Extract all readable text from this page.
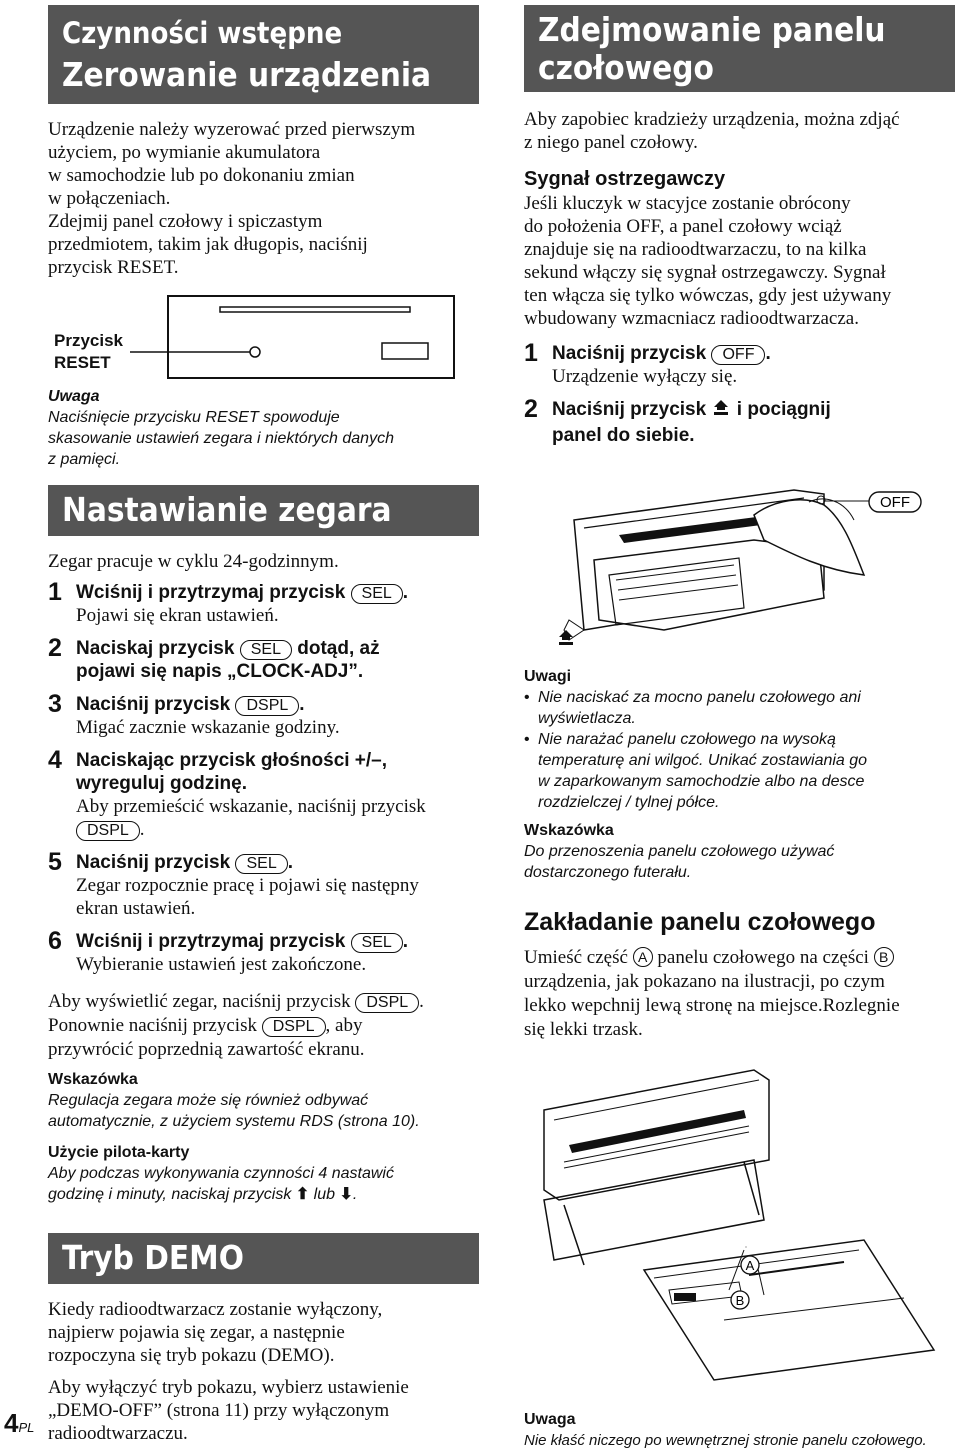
Czynności wstępne
Zerowanie urządzenia
Urządzenie należy wyzerować przed pierwszym
użyciem, po wymianie akumulatora
w samochodzie lub po dokonaniu zmian
w połączeniach.
Zdejmij panel czołowy i spiczastym
przedmiotem, takim jak długopis, naciśnij
przycisk RESET.
Przycisk
RESET
Uwaga
Naciśnięcie przycisku RESET spowoduje
skasowanie ustawień zegara i niektórych danych
z pamięci.
Nastawianie zegara
Zegar pracuje w cyklu 24-godzinnym.
1 Wciśnij i przytrzymaj przycisk SEL .
Pojawi się ekran ustawień.
2 Naciskaj przycisk SEL dotąd, aż
pojawi się napis „CLOCK-ADJ”.
3 Naciśnij przycisk DSPL .
Migać zacznie wskazanie godziny.
4 Naciskając przycisk głośności +/–,
wyreguluj godzinę.
Aby przemieścić wskazanie, naciśnij przycisk
DSPL .
5 Naciśnij przycisk SEL .
Zegar rozpocznie pracę i pojawi się następny
ekran ustawień.
6 Wciśnij i przytrzymaj przycisk SEL .
Wybieranie ustawień jest zakończone.
Aby wyświetlić zegar, naciśnij przycisk DSPL .
Ponownie naciśnij przycisk DSPL , aby
przywrócić poprzednią zawartość ekranu.
Wskazówka
Regulacja zegara może się również odbywać
automatycznie, z użyciem systemu RDS (strona 10).
Użycie pilota-karty
Aby podczas wykonywania czynności 4 nastawić
godzinę i minuty, naciskaj przycisk ⬆ lub ⬇.
Tryb DEMO
Kiedy radioodtwarzacz zostanie wyłączony,
najpierw pojawia się zegar, a następnie
rozpoczyna się tryb pokazu (DEMO).
Aby wyłączyć tryb pokazu, wybierz ustawienie
„DEMO-OFF” (strona 11) przy wyłączonym
radioodtwarzaczu.
4PL
Zdejmowanie panelu
czołowego
Aby zapobiec kradzieży urządzenia, można zdjąć
z niego panel czołowy.
Sygnał ostrzegawczy
Jeśli kluczyk w stacyjce zostanie obrócony
do położenia OFF, a panel czołowy wciąż
znajduje się na radioodtwarzaczu, to na kilka
sekund włączy się sygnał ostrzegawczy. Sygnał
ten włącza się tylko wówczas, gdy jest używany
wbudowany wzmacniacz radioodtwarzacza.
1 Naciśnij przycisk OFF .
Urządzenie wyłączy się.
2 Naciśnij przycisk i pociągnij
panel do siebie.
OFF
Uwagi
• Nie naciskać za mocno panelu czołowego ani
wyświetlacza.
• Nie narażać panelu czołowego na wysoką
temperaturę ani wilgoć. Unikać zostawiania go
w zaparkowanym samochodzie albo na desce
rozdzielczej / tylnej półce.
Wskazówka
Do przenoszenia panelu czołowego używać
dostarczonego futerału.
Zakładanie panelu czołowego
Umieść część A panelu czołowego na części B
urządzenia, jak pokazano na ilustracji, po czym
lekko wepchnij lewą stronę na miejsce.Rozlegnie
się lekki trzask.
A
B
Uwaga
Nie kłaść niczego po wewnętrznej stronie panelu czołowego.
